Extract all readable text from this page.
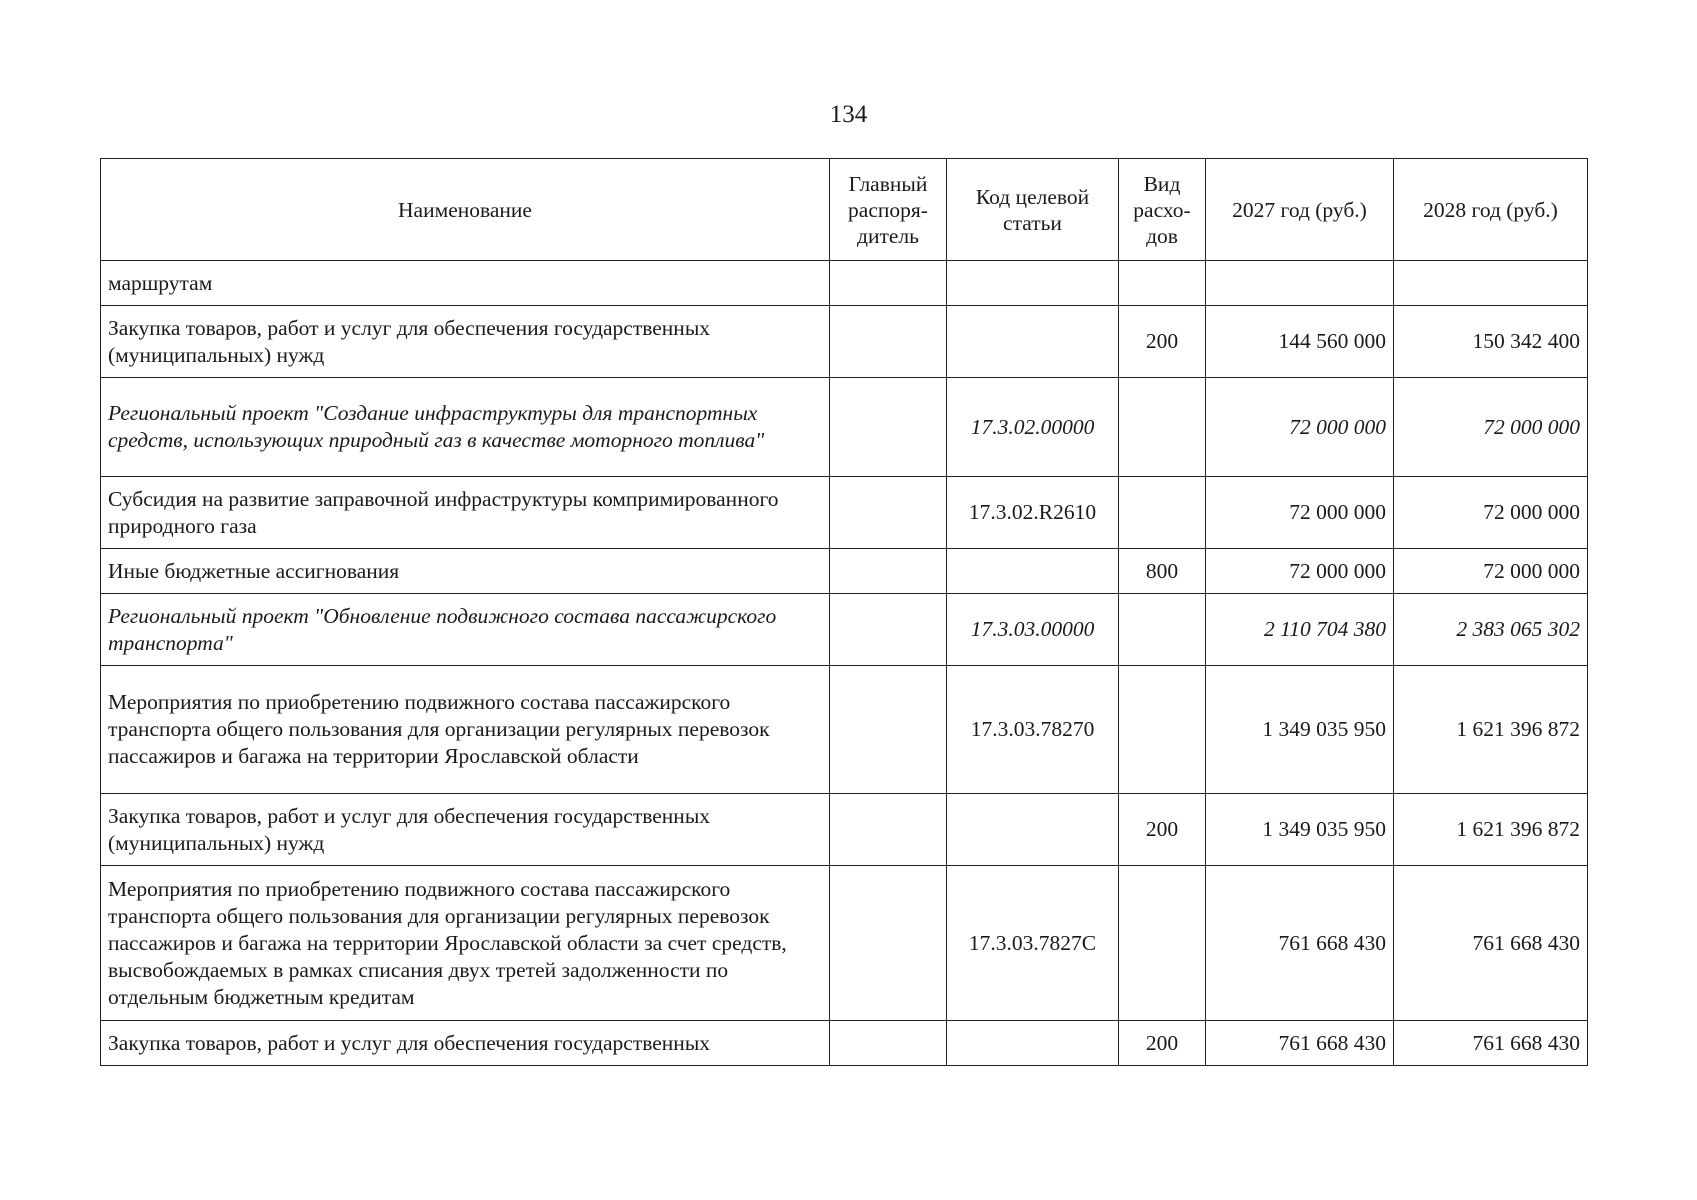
134
Наименование	Главный распоря-дитель	Код целевой статьи	Вид расхо-дов	2027 год (руб.)	2028 год (руб.)
маршрутам					
Закупка товаров, работ и услуг для обеспечения государственных (муниципальных) нужд			200	144 560 000	150 342 400
Региональный проект "Создание инфраструктуры для транспортных средств, использующих природный газ в качестве моторного топлива"		17.3.02.00000		72 000 000	72 000 000
Субсидия на развитие заправочной инфраструктуры компримированного природного газа		17.3.02.R2610		72 000 000	72 000 000
Иные бюджетные ассигнования			800	72 000 000	72 000 000
Региональный проект "Обновление подвижного состава пассажирского транспорта"		17.3.03.00000		2 110 704 380	2 383 065 302
Мероприятия по приобретению подвижного состава пассажирского транспорта общего пользования для организации регулярных перевозок пассажиров и багажа на территории Ярославской области		17.3.03.78270		1 349 035 950	1 621 396 872
Закупка товаров, работ и услуг для обеспечения государственных (муниципальных) нужд			200	1 349 035 950	1 621 396 872
Мероприятия по приобретению подвижного состава пассажирского транспорта общего пользования для организации регулярных перевозок пассажиров и багажа на территории Ярославской области за счет средств, высвобождаемых в рамках списания двух третей задолженности по отдельным бюджетным кредитам		17.3.03.7827С		761 668 430	761 668 430
Закупка товаров, работ и услуг для обеспечения государственных			200	761 668 430	761 668 430
